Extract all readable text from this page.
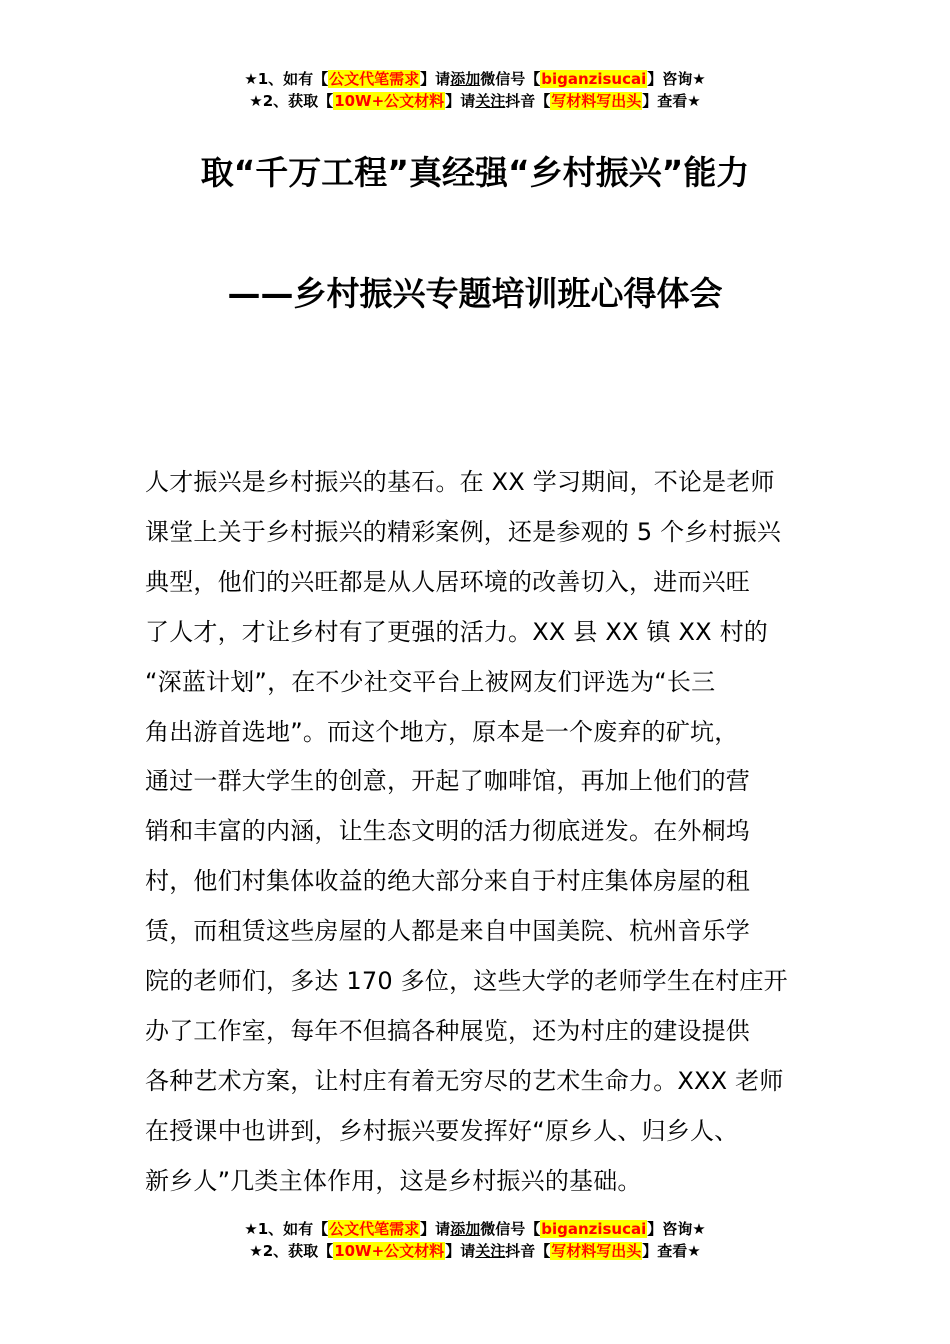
★1、如有【公文代笔需求】请添加微信号【biganzisucai】咨询★
★2、获取【10W+公文材料】请关注抖音【写材料写出头】查看★
取“千万工程”真经强“乡村振兴”能力
——乡村振兴专题培训班心得体会
人才振兴是乡村振兴的基石。在 XX 学习期间，不论是老师
课堂上关于乡村振兴的精彩案例，还是参观的 5 个乡村振兴
典型，他们的兴旺都是从人居环境的改善切入，进而兴旺
了人才，才让乡村有了更强的活力。XX 县 XX 镇 XX 村的
“深蓝计划”，在不少社交平台上被网友们评选为“长三
角出游首选地”。而这个地方，原本是一个废弃的矿坑，
通过一群大学生的创意，开起了咖啡馆，再加上他们的营
销和丰富的内涵，让生态文明的活力彻底迸发。在外桐坞
村，他们村集体收益的绝大部分来自于村庄集体房屋的租
赁，而租赁这些房屋的人都是来自中国美院、杭州音乐学
院的老师们，多达 170 多位，这些大学的老师学生在村庄开
办了工作室，每年不但搞各种展览，还为村庄的建设提供
各种艺术方案，让村庄有着无穷尽的艺术生命力。XXX 老师
在授课中也讲到，乡村振兴要发挥好“原乡人、归乡人、
新乡人”几类主体作用，这是乡村振兴的基础。
★1、如有【公文代笔需求】请添加微信号【biganzisucai】咨询★
★2、获取【10W+公文材料】请关注抖音【写材料写出头】查看★
